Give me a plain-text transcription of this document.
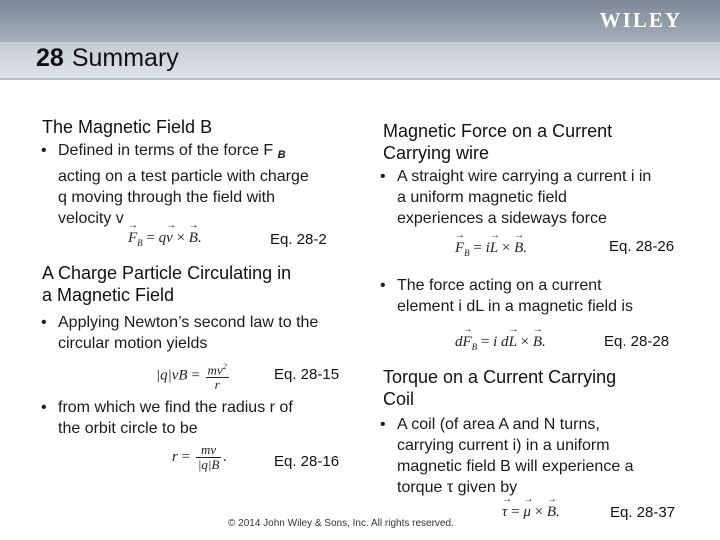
WILEY
28 Summary
The Magnetic Field B
• Defined in terms of the force F B
acting on a test particle with charge
q moving through the field with
velocity v
→ $F_B = q\to v$ × → B.	Eq. 28-2
A Charge Particle Circulating in
a Magnetic Field
• Applying Newton’s second law to the
circular motion yields
$|q|vB = \frac{mv^2}{r}$	Eq. 28-15
• from which we find the radius r of
the orbit circle to be
$r = \frac{mv}{|q|B}$ .	Eq. 28-16
Magnetic Force on a Current
Carrying wire
• A straight wire carrying a current i in
a uniform magnetic field
experiences a sideways force
→ $F_B = i\to L$ × → B.	Eq. 28-26
• The force acting on a current
element i dL in a magnetic field is
$d\to F_B = i$ d→ L × → B.	Eq. 28-28
Torque on a Current Carrying
Coil
• A coil (of area A and N turns,
carrying current i) in a uniform
magnetic field B will experience a
torque τ given by
→ τ = → μ × → B.	Eq. 28-37
© 2014 John Wiley & Sons, Inc. All rights reserved.
